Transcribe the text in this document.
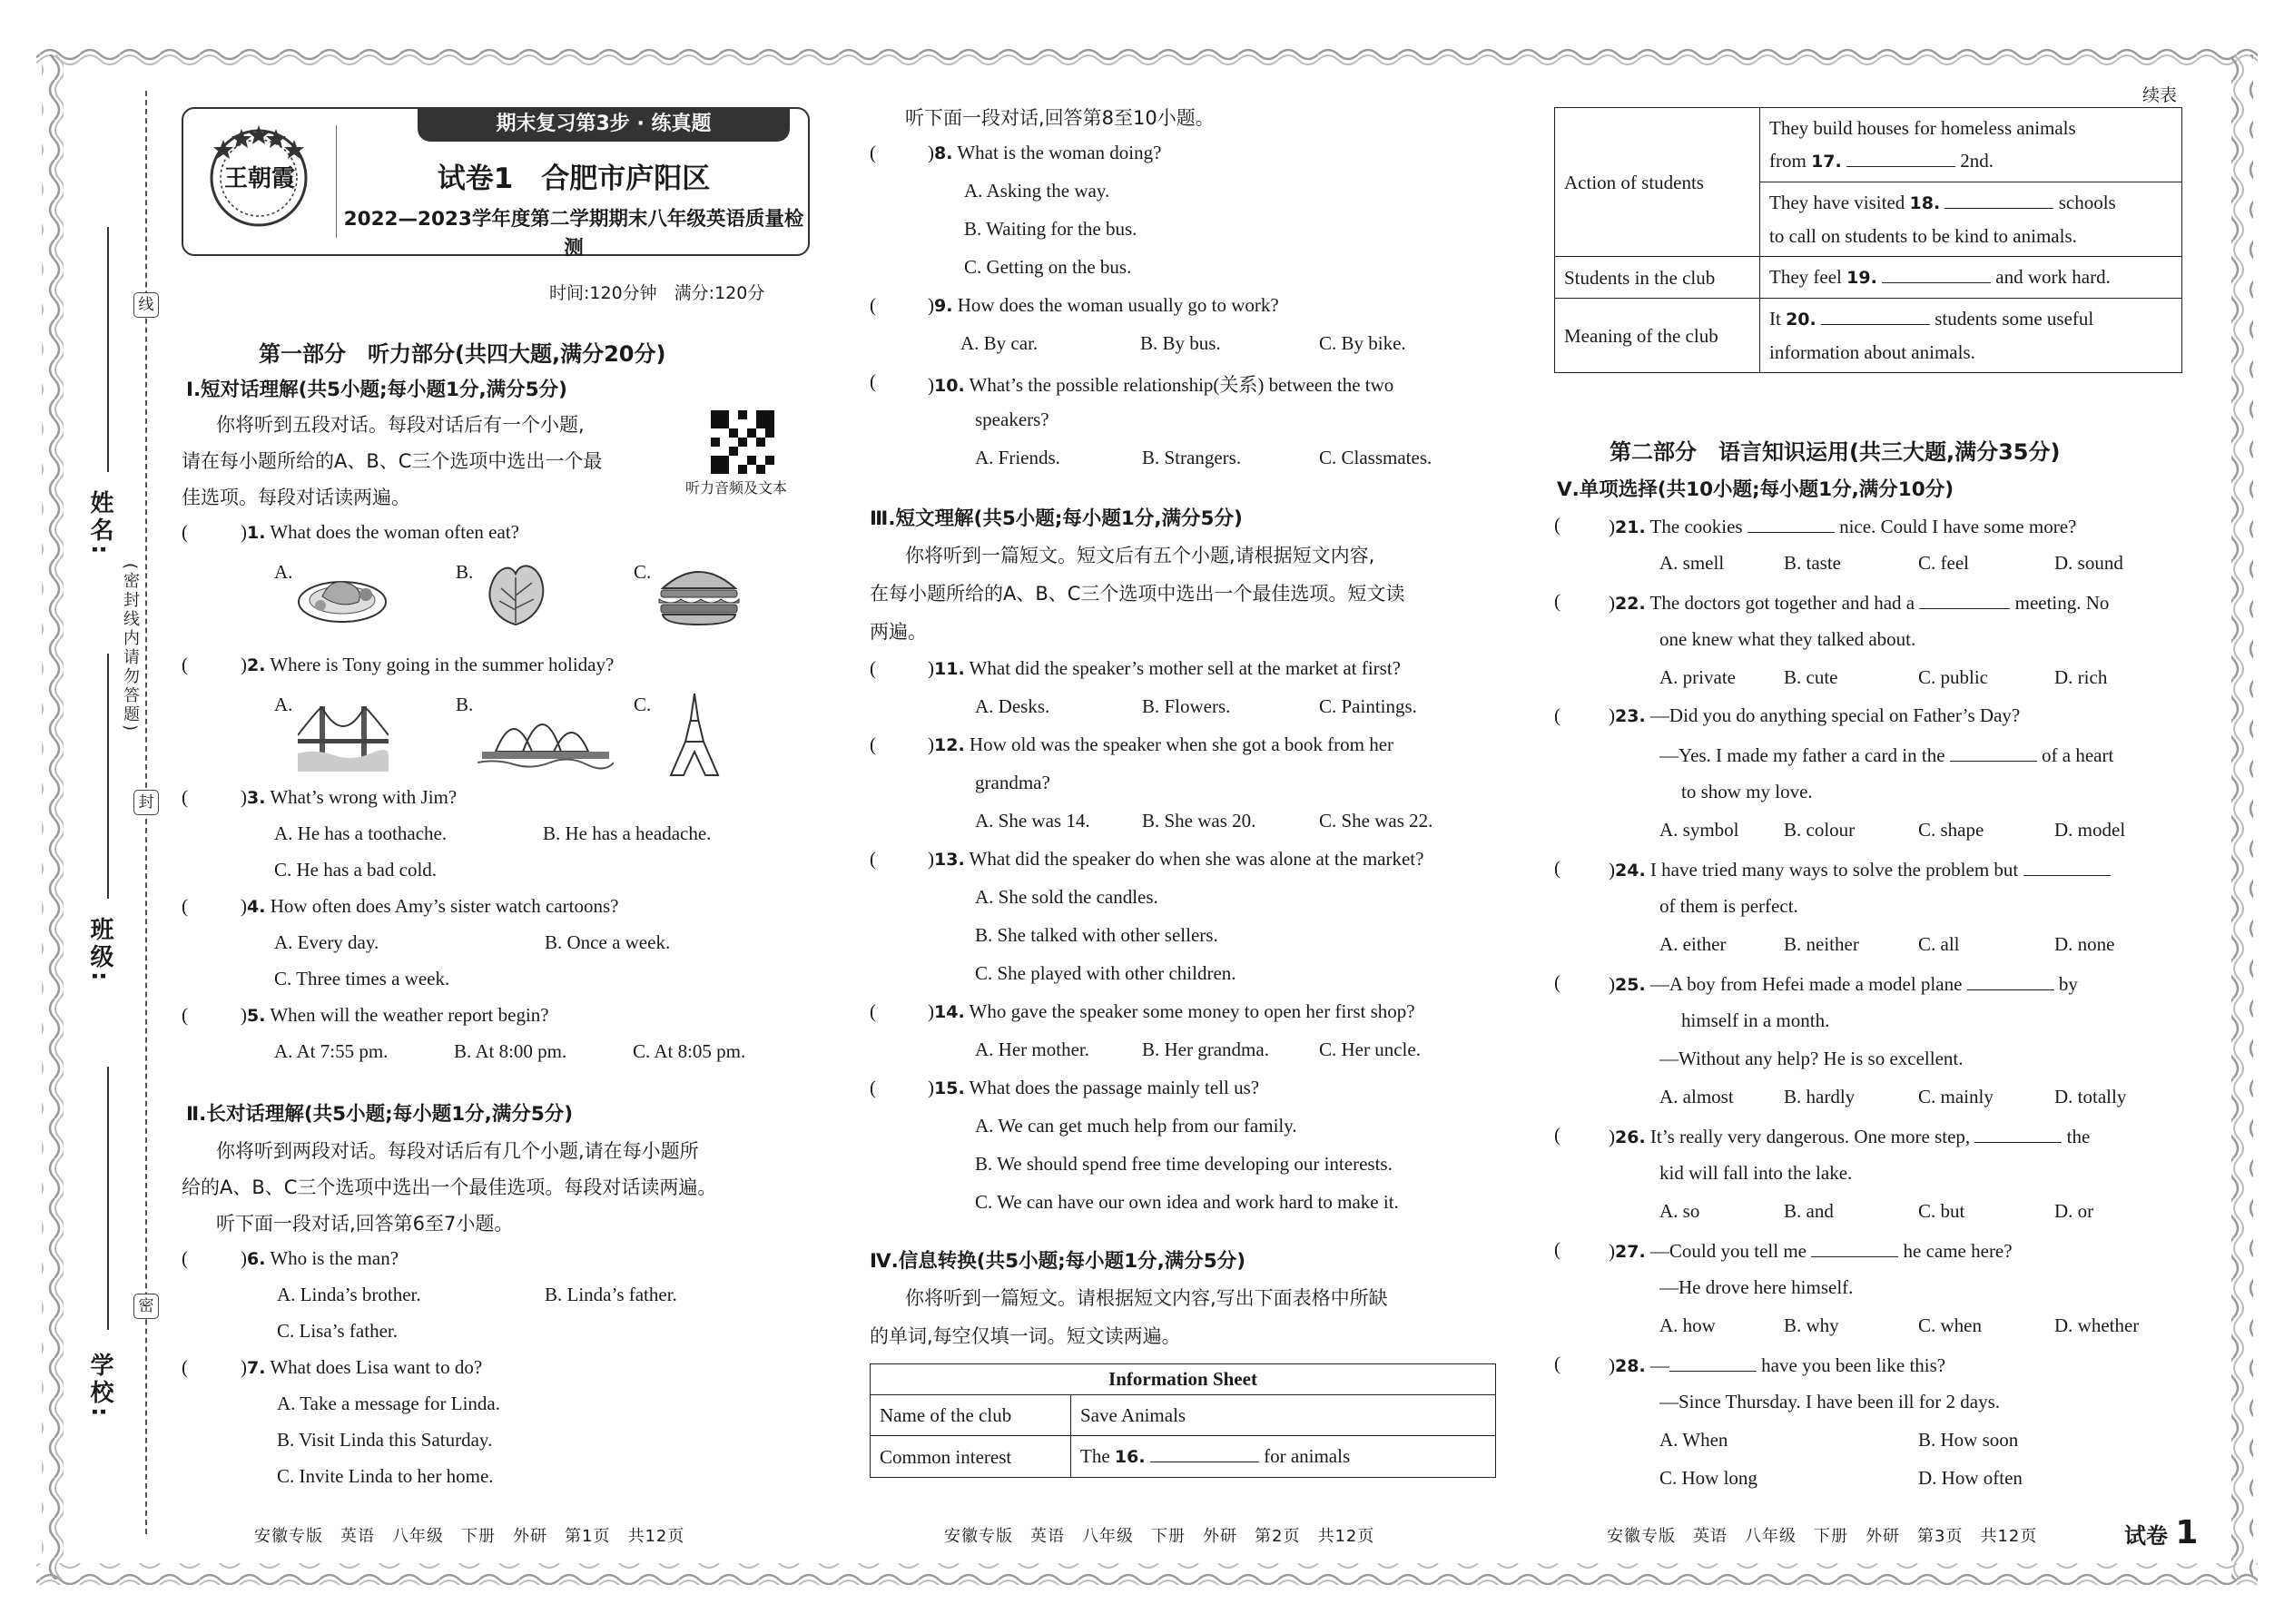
线
封
密
(密封线内请勿答题)
姓名:
班级:
学校:
王朝霞
期末复习第3步 · 练真题
试卷1　合肥市庐阳区
2022—2023学年度第二学期期末八年级英语质量检测
时间:120分钟　满分:120分
第一部分　听力部分(共四大题,满分20分)
Ⅰ.短对话理解(共5小题;每小题1分,满分5分)
你将听到五段对话。每段对话后有一个小题,
请在每小题所给的A、B、C三个选项中选出一个最
佳选项。每段对话读两遍。	听力音频及文本
(	)1. What does the woman often eat?
A.	B.	C.
(	)2. Where is Tony going in the summer holiday?
A.	B.	C.
(	)3. What’s wrong with Jim?
A. He has a toothache.	B. He has a headache.
C. He has a bad cold.
(	)4. How often does Amy’s sister watch cartoons?
A. Every day.	B. Once a week.
C. Three times a week.
(	)5. When will the weather report begin?
A. At 7:55 pm.	B. At 8:00 pm.	C. At 8:05 pm.
Ⅱ.长对话理解(共5小题;每小题1分,满分5分)
你将听到两段对话。每段对话后有几个小题,请在每小题所
给的A、B、C三个选项中选出一个最佳选项。每段对话读两遍。
听下面一段对话,回答第6至7小题。
(	)6. Who is the man?
A. Linda’s brother.	B. Linda’s father.
C. Lisa’s father.
(	)7. What does Lisa want to do?
A. Take a message for Linda.
B. Visit Linda this Saturday.
C. Invite Linda to her home.
安徽专版　英语　八年级　下册　外研　第1页　共12页
听下面一段对话,回答第8至10小题。
(	)8. What is the woman doing?
A. Asking the way.
B. Waiting for the bus.
C. Getting on the bus.
(	)9. How does the woman usually go to work?
A. By car.	B. By bus.	C. By bike.
(	)10. What’s the possible relationship(关系) between the two
speakers?
A. Friends.	B. Strangers.	C. Classmates.
Ⅲ.短文理解(共5小题;每小题1分,满分5分)
你将听到一篇短文。短文后有五个小题,请根据短文内容,
在每小题所给的A、B、C三个选项中选出一个最佳选项。短文读
两遍。
(	)11. What did the speaker’s mother sell at the market at first?
A. Desks.	B. Flowers.	C. Paintings.
(	)12. How old was the speaker when she got a book from her
grandma?
A. She was 14.	B. She was 20.	C. She was 22.
(	)13. What did the speaker do when she was alone at the market?
A. She sold the candles.
B. She talked with other sellers.
C. She played with other children.
(	)14. Who gave the speaker some money to open her first shop?
A. Her mother.	B. Her grandma.	C. Her uncle.
(	)15. What does the passage mainly tell us?
A. We can get much help from our family.
B. We should spend free time developing our interests.
C. We can have our own idea and work hard to make it.
Ⅳ.信息转换(共5小题;每小题1分,满分5分)
你将听到一篇短文。请根据短文内容,写出下面表格中所缺
的单词,每空仅填一词。短文读两遍。
Information Sheet	
Name of the club	Save Animals
Common interest	The 16. for animals
安徽专版　英语　八年级　下册　外研　第2页　共12页
续表
Action of students	They build houses for homeless animals
from 17. 2nd.

	They have visited 18. schools
to call on students to be kind to animals.

Students in the club	They feel 19. and work hard.
Meaning of the club	It 20. students some useful
information about animals.
第二部分　语言知识运用(共三大题,满分35分)
Ⅴ.单项选择(共10小题;每小题1分,满分10分)
(	)21. The cookies	nice. Could I have some more?
A. smell	B. taste	C. feel	D. sound
(	)22. The doctors got together and had a	meeting. No
one knew what they talked about.
A. private	B. cute	C. public	D. rich
(	)23. —Did you do anything special on Father’s Day?
—Yes. I made my father a card in the	of a heart
to show my love.
A. symbol B. colour	C. shape	D. model
(	)24. I have tried many ways to solve the problem but
of them is perfect.
A. either	B. neither	C. all	D. none
(	)25. —A boy from Hefei made a model plane	by
himself in a month.
—Without any help? He is so excellent.
A. almost	B. hardly	C. mainly	D. totally
(	)26. It’s really very dangerous. One more step,	the
kid will fall into the lake.
A. so	B. and	C. but	D. or
(	)27. —Could you tell me	he came here?
—He drove here himself.
A. how	B. why	C. when	D. whether
(	)28. —	have you been like this?
—Since Thursday. I have been ill for 2 days.
A. When	B. How soon
C. How long	D. How often
安徽专版　英语　八年级　下册　外研　第3页　共12页	试卷 1
